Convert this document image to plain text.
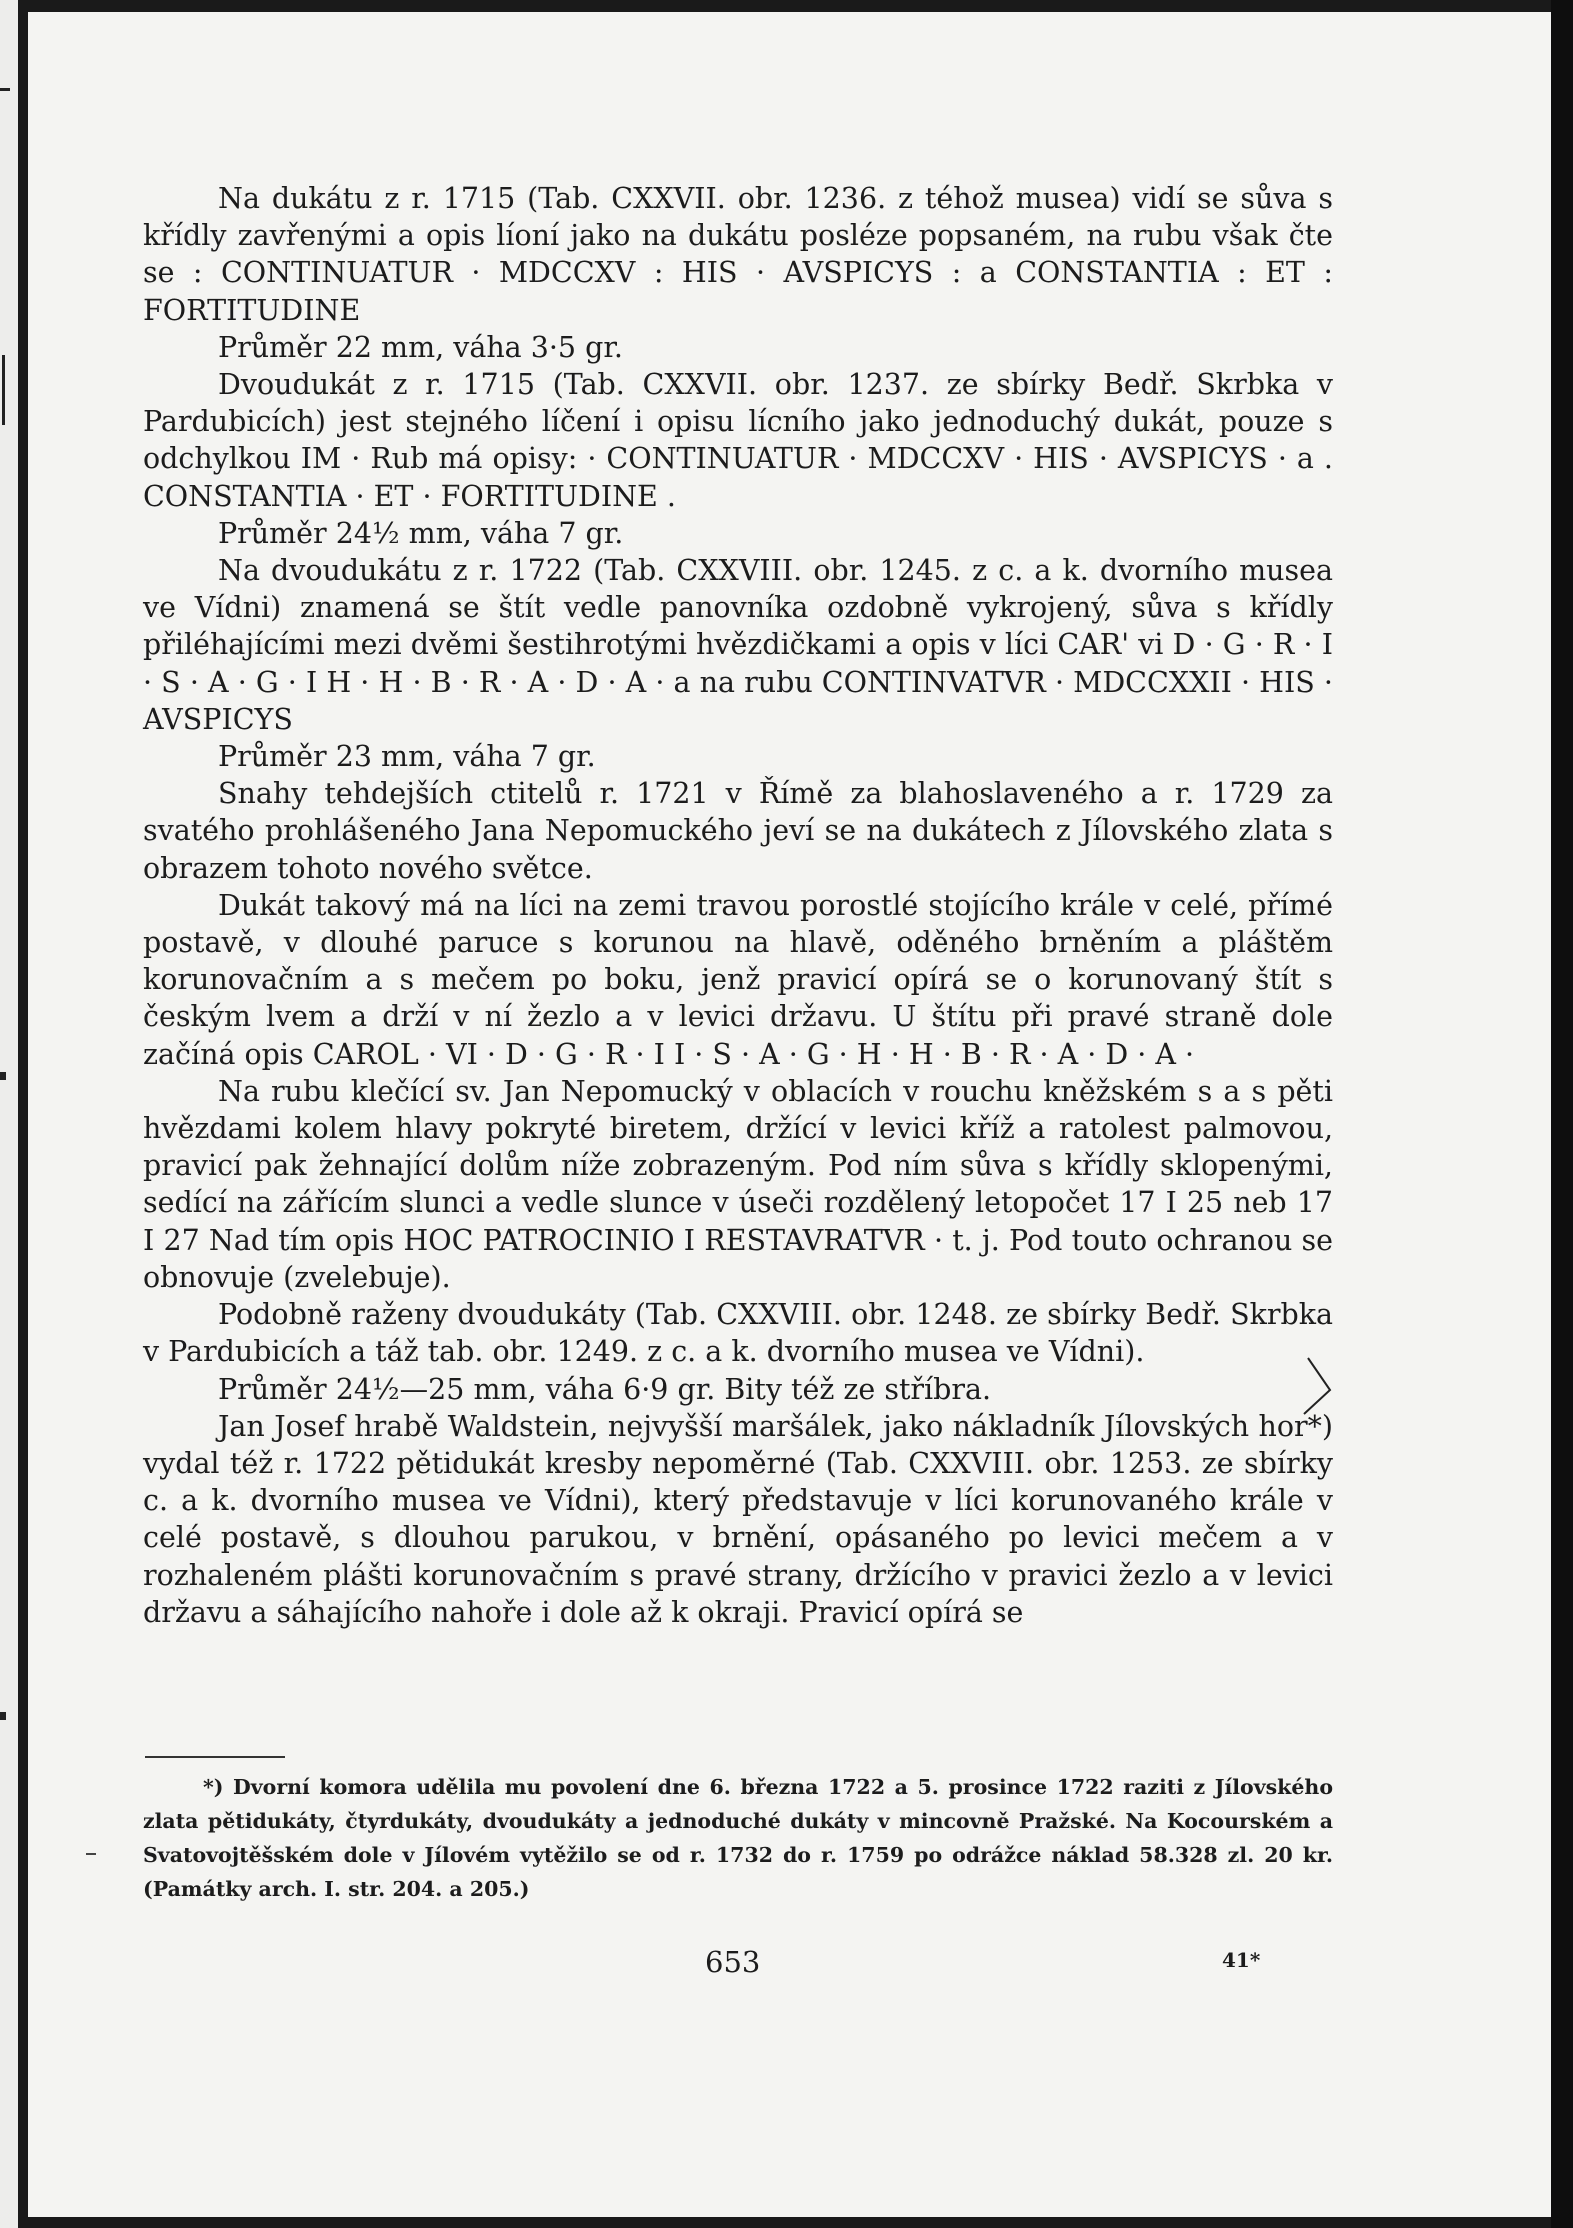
Na dukátu z r. 1715 (Tab. CXXVII. obr. 1236. z téhož musea) vidí se sůva s křídly zavřenými a opis líoní jako na dukátu posléze popsaném, na rubu však čte se : CONTINUATUR · MDCCXV : HIS · AVSPICYS : a CONSTANTIA : ET : FORTITUDINE

Průměr 22 mm, váha 3·5 gr.

Dvoudukát z r. 1715 (Tab. CXXVII. obr. 1237. ze sbírky Bedř. Skrbka v Pardubicích) jest stejného líčení i opisu lícního jako jednoduchý dukát, pouze s odchylkou IM · Rub má opisy: · CONTINUATUR · MDCCXV · HIS · AVSPICYS · a . CONSTANTIA · ET · FORTITUDINE .

Průměr 24½ mm, váha 7 gr.

Na dvoudukátu z r. 1722 (Tab. CXXVIII. obr. 1245. z c. a k. dvorního musea ve Vídni) znamená se štít vedle panovníka ozdobně vykrojený, sůva s křídly přiléhajícími mezi dvěmi šestihrotými hvězdičkami a opis v líci CAR' vi D · G · R · I · S · A · G · I H · H · B · R · A · D · A · a na rubu CONTINVATVR · MDCCXXII · HIS · AVSPICYS

Průměr 23 mm, váha 7 gr.

Snahy tehdejších ctitelů r. 1721 v Římě za blahoslaveného a r. 1729 za svatého prohlášeného Jana Nepomuckého jeví se na dukátech z Jílovského zlata s obrazem tohoto nového světce.

Dukát takový má na líci na zemi travou porostlé stojícího krále v celé, přímé postavě, v dlouhé paruce s korunou na hlavě, oděného brněním a pláštěm korunovačním a s mečem po boku, jenž pravicí opírá se o korunovaný štít s českým lvem a drží v ní žezlo a v levici državu. U štítu při pravé straně dole začíná opis CAROL · VI · D · G · R · I I · S · A · G · H · H · B · R · A · D · A ·

Na rubu klečící sv. Jan Nepomucký v oblacích v rouchu kněžském s a s pěti hvězdami kolem hlavy pokryté biretem, držící v levici kříž a ratolest palmovou, pravicí pak žehnající dolům níže zobrazeným. Pod ním sůva s křídly sklopenými, sedící na zářícím slunci a vedle slunce v úseči rozdělený letopočet 17 I 25 neb 17 I 27 Nad tím opis HOC PATROCINIO I RESTAVRATVR · t. j. Pod touto ochranou se obnovuje (zvelebuje).

Podobně raženy dvoudukáty (Tab. CXXVIII. obr. 1248. ze sbírky Bedř. Skrbka v Pardubicích a táž tab. obr. 1249. z c. a k. dvorního musea ve Vídni).

Průměr 24½—25 mm, váha 6·9 gr. Bity též ze stříbra.

Jan Josef hrabě Waldstein, nejvyšší maršálek, jako nákladník Jílovských hor*) vydal též r. 1722 pětidukát kresby nepoměrné (Tab. CXXVIII. obr. 1253. ze sbírky c. a k. dvorního musea ve Vídni), který představuje v líci korunovaného krále v celé postavě, s dlouhou parukou, v brnění, opásaného po levici mečem a v rozhaleném plášti korunovačním s pravé strany, držícího v pravici žezlo a v levici državu a sáhajícího nahoře i dole až k okraji. Pravicí opírá se

*) Dvorní komora udělila mu povolení dne 6. března 1722 a 5. prosince 1722 raziti z Jílovského zlata pětidukáty, čtyrdukáty, dvoudukáty a jednoduché dukáty v mincovně Pražské. Na Kocourském a Svatovojtěšském dole v Jílovém vytěžilo se od r. 1732 do r. 1759 po odrážce náklad 58.328 zl. 20 kr. (Památky arch. I. str. 204. a 205.)

653	41*
